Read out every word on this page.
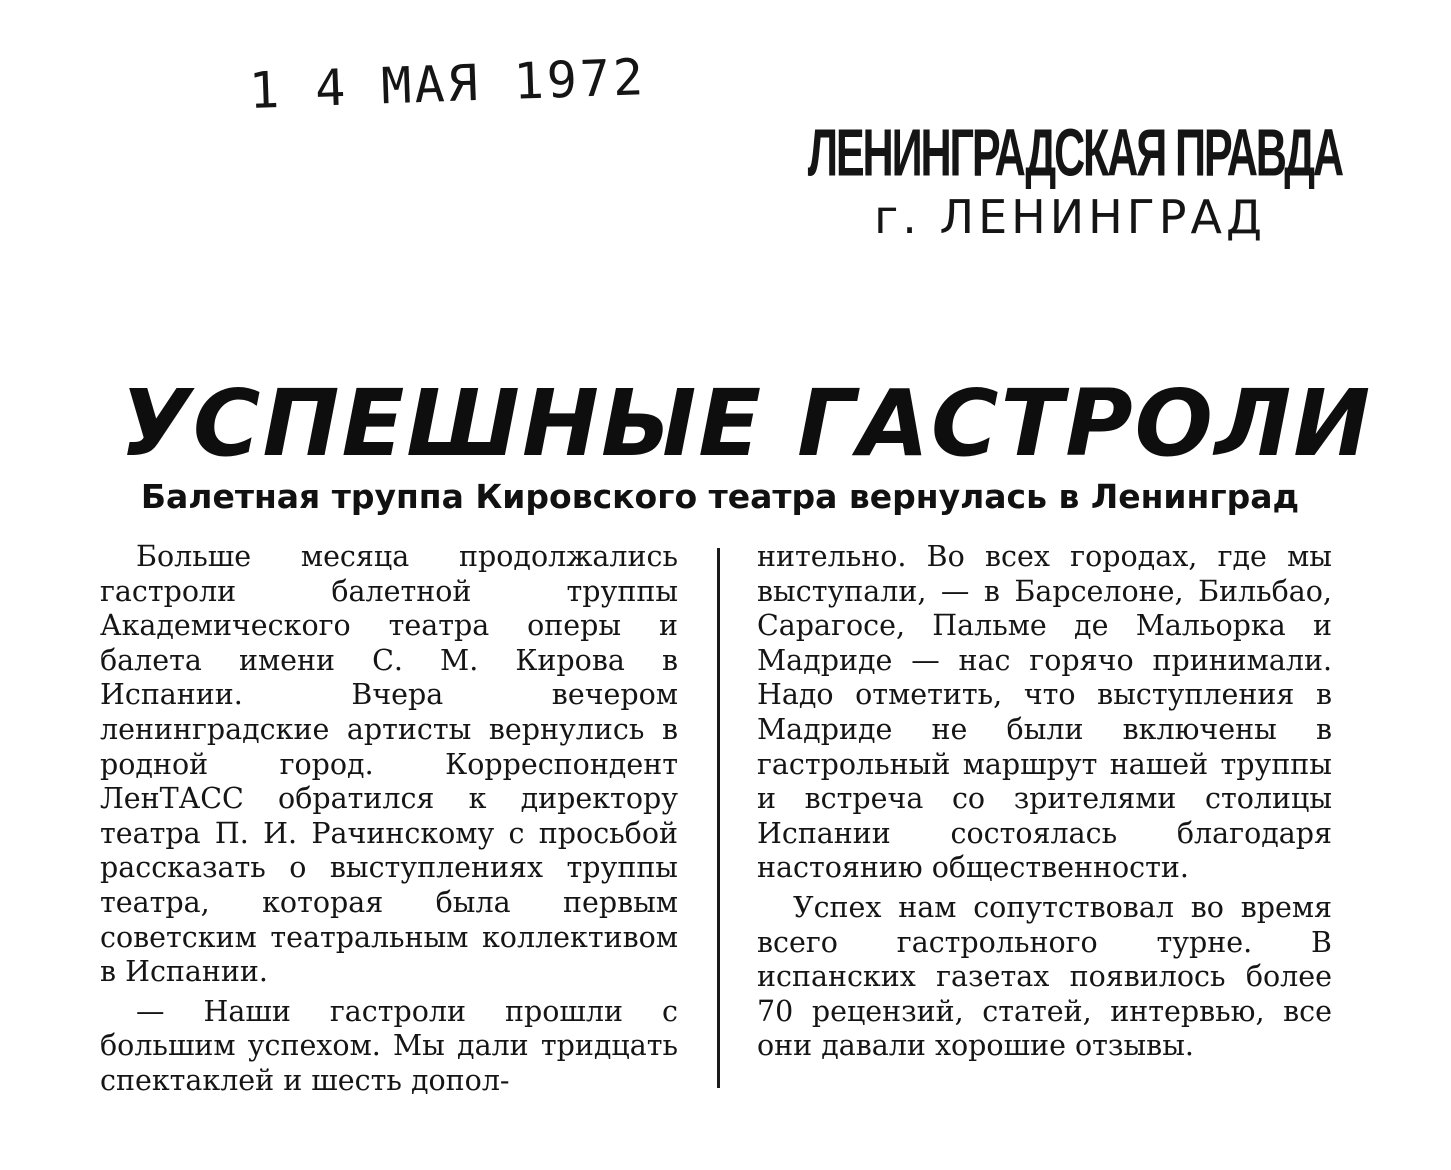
1 4 МАЯ 1972
ЛЕНИНГРАДСКАЯ ПРАВДА
г. ЛЕНИНГРАД
УСПЕШНЫЕ ГАСТРОЛИ
Балетная труппа Кировского театра вернулась в Ленинград

Больше месяца продолжались гастроли балетной труппы Академического театра оперы и балета имени С. М. Кирова в Испании. Вчера вечером ленинградские артисты вернулись в родной город. Корреспондент ЛенТАСС обратился к директору театра П. И. Рачинскому с просьбой рассказать о выступлениях труппы театра, которая была первым советским театральным коллективом в Испании.

— Наши гастроли прошли с большим успехом. Мы дали тридцать спектаклей и шесть допол-

нительно. Во всех городах, где мы выступали, — в Барселоне, Бильбао, Сарагосе, Пальме де Мальорка и Мадриде — нас горячо принимали. Надо отметить, что выступления в Мадриде не были включены в гастрольный маршрут нашей труппы и встреча со зрителями столицы Испании состоялась благодаря настоянию общественности.

Успех нам сопутствовал во время всего гастрольного турне. В испанских газетах появилось более 70 рецензий, статей, интервью, все они давали хорошие отзывы.
